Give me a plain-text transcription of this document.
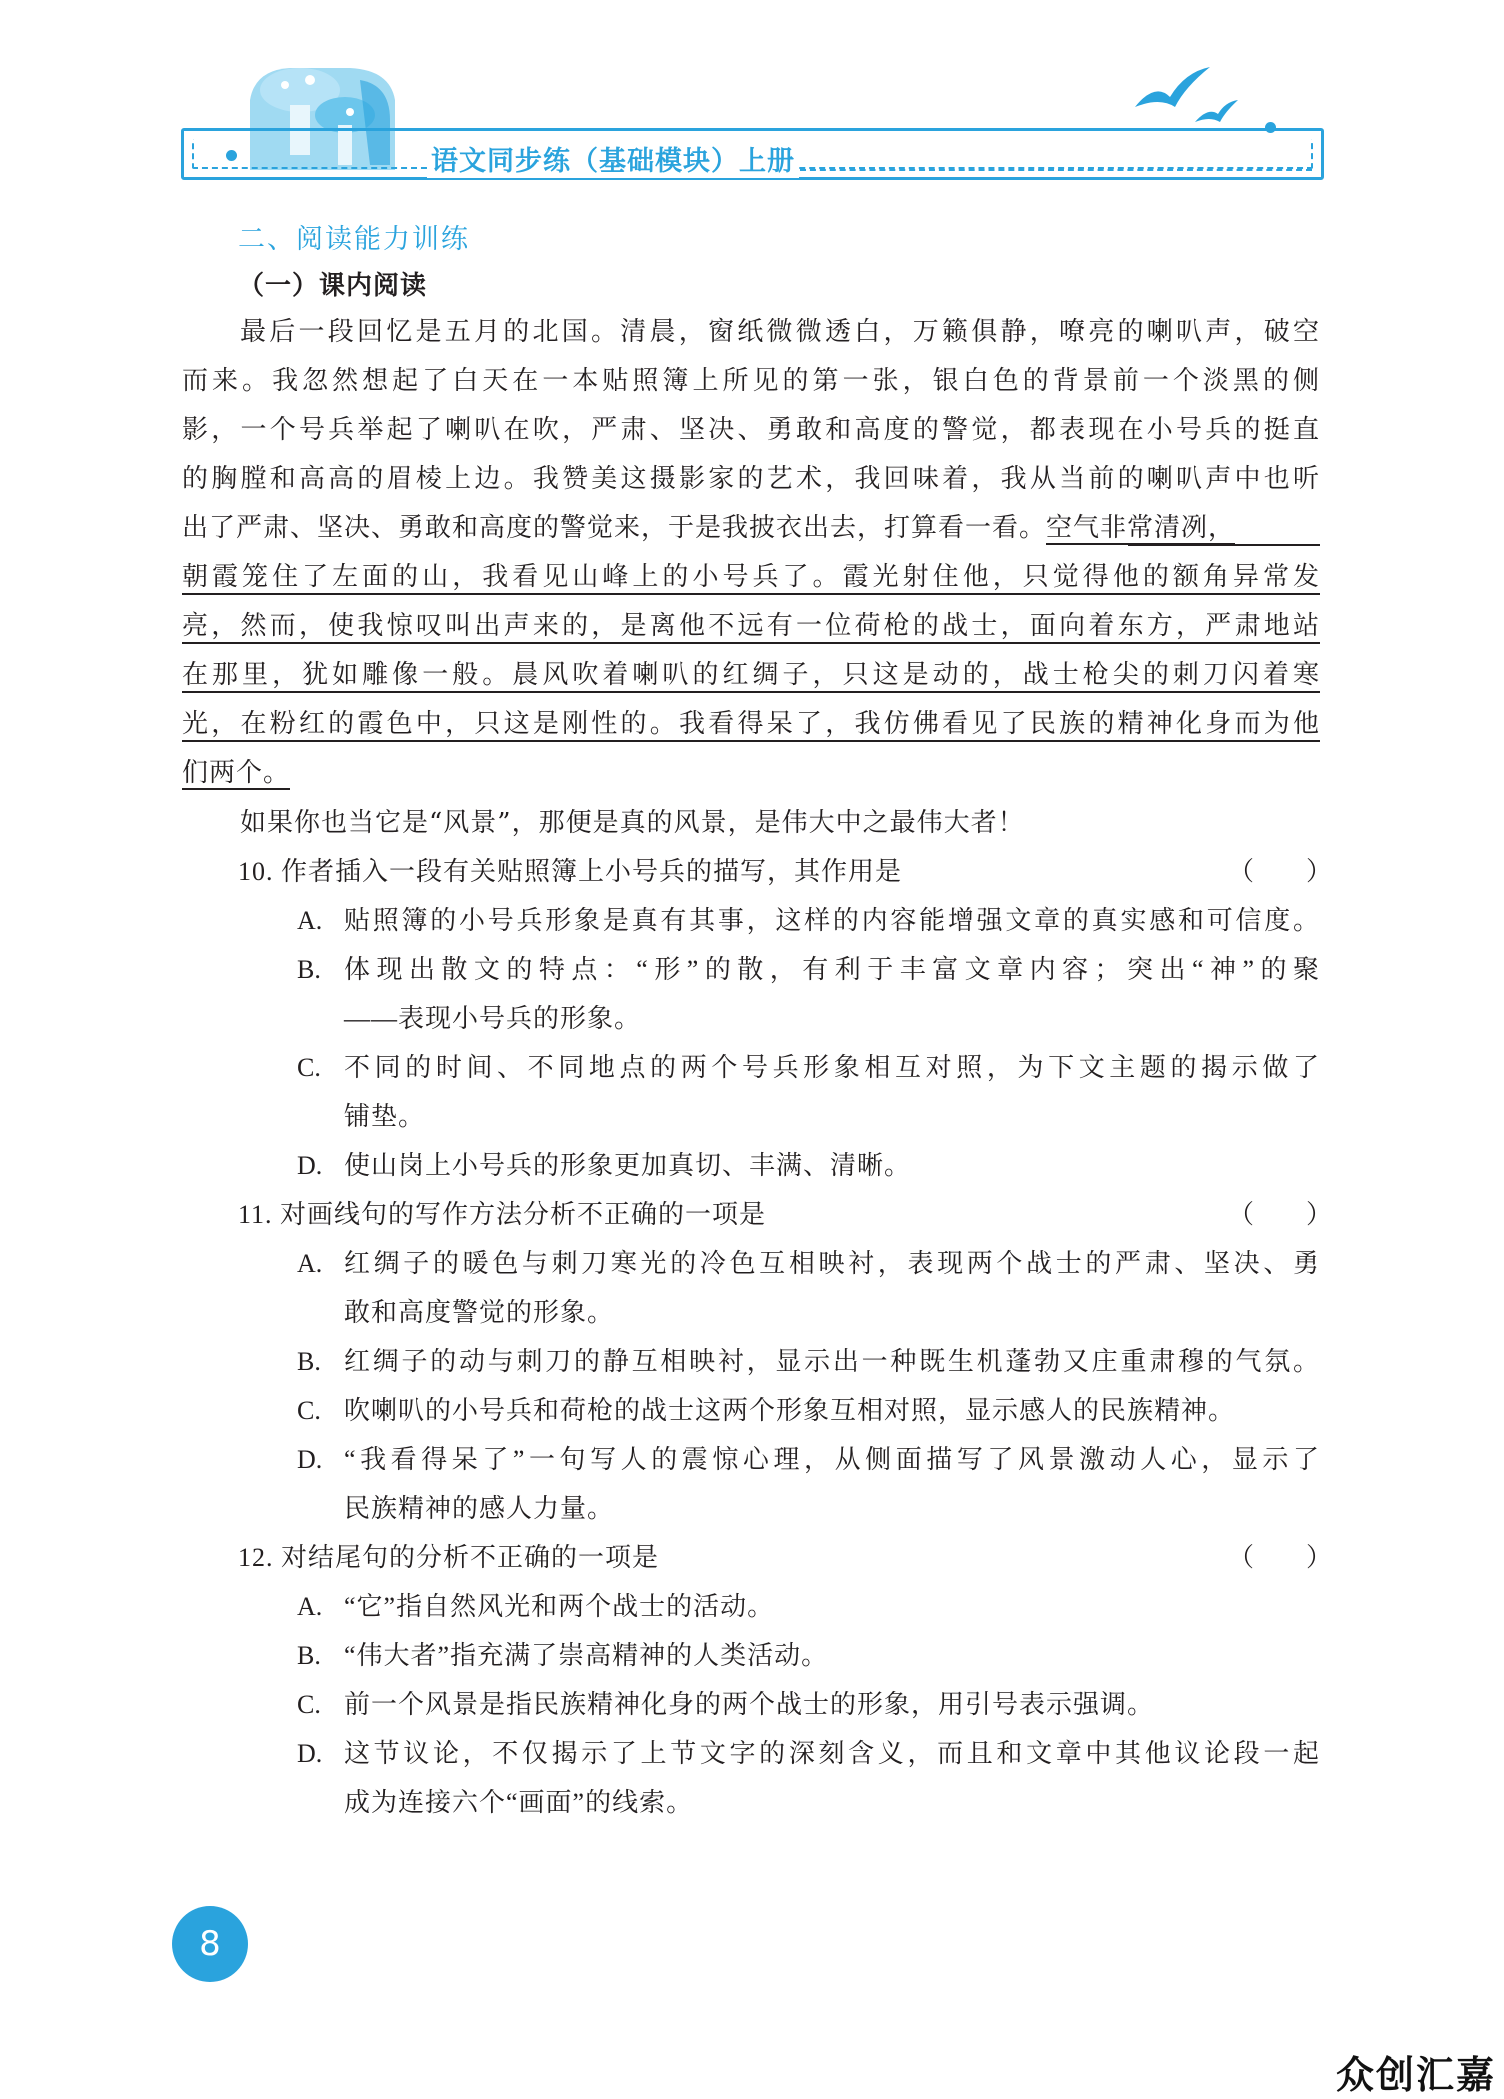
语文同步练（基础模块）上册
二、阅读能力训练
（一）课内阅读
最后一段回忆是五月的北国。清晨，窗纸微微透白，万籁俱静，嘹亮的喇叭声，破空
而来。我忽然想起了白天在一本贴照簿上所见的第一张，银白色的背景前一个淡黑的侧
影，一个号兵举起了喇叭在吹，严肃、坚决、勇敢和高度的警觉，都表现在小号兵的挺直
的胸膛和高高的眉棱上边。我赞美这摄影家的艺术，我回味着，我从当前的喇叭声中也听
出了严肃、坚决、勇敢和高度的警觉来，于是我披衣出去，打算看一看。空气非常清冽，
朝霞笼住了左面的山，我看见山峰上的小号兵了。霞光射住他，只觉得他的额角异常发
亮，然而，使我惊叹叫出声来的，是离他不远有一位荷枪的战士，面向着东方，严肃地站
在那里，犹如雕像一般。晨风吹着喇叭的红绸子，只这是动的，战士枪尖的刺刀闪着寒
光，在粉红的霞色中，只这是刚性的。我看得呆了，我仿佛看见了民族的精神化身而为他
们两个。
如果你也当它是“风景”，那便是真的风景，是伟大中之最伟大者！
10. 作者插入一段有关贴照簿上小号兵的描写，其作用是	（　　）
A. 贴照簿的小号兵形象是真有其事，这样的内容能增强文章的真实感和可信度。
B. 体现出散文的特点：“形”的散，有利于丰富文章内容；突出“神”的聚
——表现小号兵的形象。
C. 不同的时间、不同地点的两个号兵形象相互对照，为下文主题的揭示做了
铺垫。
D. 使山岗上小号兵的形象更加真切、丰满、清晰。
11. 对画线句的写作方法分析不正确的一项是	（　　）
A. 红绸子的暖色与刺刀寒光的冷色互相映衬，表现两个战士的严肃、坚决、勇
敢和高度警觉的形象。
B. 红绸子的动与刺刀的静互相映衬，显示出一种既生机蓬勃又庄重肃穆的气氛。
C. 吹喇叭的小号兵和荷枪的战士这两个形象互相对照，显示感人的民族精神。
D. “我看得呆了”一句写人的震惊心理，从侧面描写了风景激动人心，显示了
民族精神的感人力量。
12. 对结尾句的分析不正确的一项是	（　　）
A. “它”指自然风光和两个战士的活动。
B. “伟大者”指充满了崇高精神的人类活动。
C. 前一个风景是指民族精神化身的两个战士的形象，用引号表示强调。
D. 这节议论，不仅揭示了上节文字的深刻含义，而且和文章中其他议论段一起
成为连接六个“画面”的线索。
8
众创汇嘉
